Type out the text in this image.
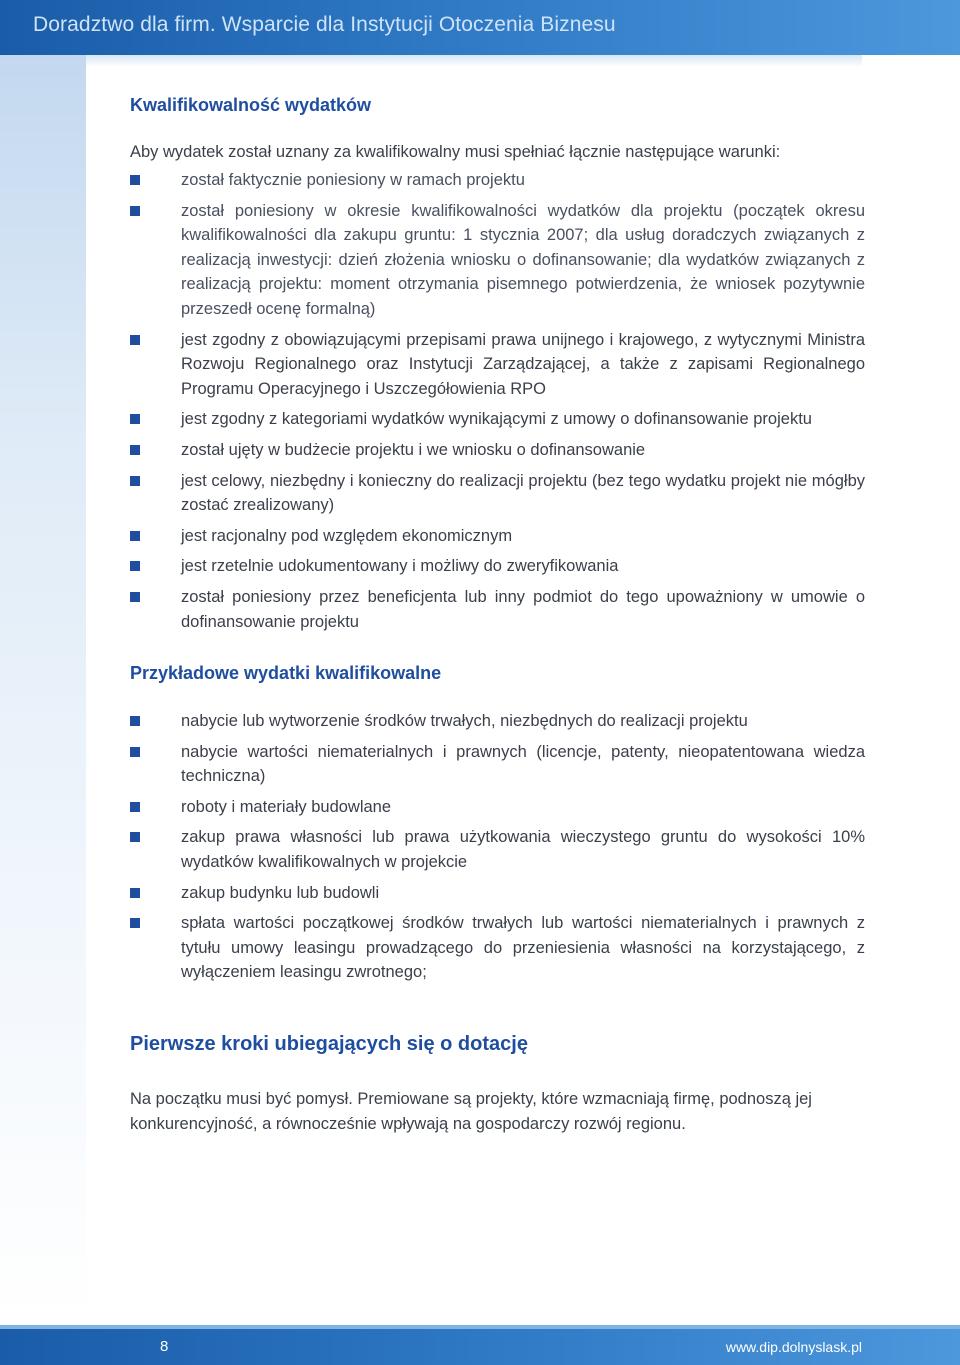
Doradztwo dla firm. Wsparcie dla Instytucji Otoczenia Biznesu
Kwalifikowalność wydatków

Aby wydatek został uznany za kwalifikowalny musi spełniać łącznie następujące warunki:

został faktycznie poniesiony w ramach projektu
został poniesiony w okresie kwalifikowalności wydatków dla projektu (początek okresu kwalifikowalności dla zakupu gruntu: 1 stycznia 2007; dla usług doradczych związanych z realizacją inwestycji: dzień złożenia wniosku o dofinansowanie; dla wydatków związanych z realizacją projektu: moment otrzymania pisemnego potwierdzenia, że wniosek pozytywnie przeszedł ocenę formalną)
jest zgodny z obowiązującymi przepisami prawa unijnego i krajowego, z wytycznymi Ministra Rozwoju Regionalnego oraz Instytucji Zarządzającej, a także z zapisami Regionalnego Programu Operacyjnego i Uszczegółowienia RPO
jest zgodny z kategoriami wydatków wynikającymi z umowy o dofinansowanie projektu
został ujęty w budżecie projektu i we wniosku o dofinansowanie
jest celowy, niezbędny i konieczny do realizacji projektu (bez tego wydatku projekt nie mógłby zostać zrealizowany)
jest racjonalny pod względem ekonomicznym
jest rzetelnie udokumentowany i możliwy do zweryfikowania
został poniesiony przez beneficjenta lub inny podmiot do tego upoważniony w umowie o dofinansowanie projektu
Przykładowe wydatki kwalifikowalne
nabycie lub wytworzenie środków trwałych, niezbędnych do realizacji projektu
nabycie wartości niematerialnych i prawnych (licencje, patenty, nieopatentowana wiedza techniczna)
roboty i materiały budowlane
zakup prawa własności lub prawa użytkowania wieczystego gruntu do wysokości 10% wydatków kwalifikowalnych w projekcie
zakup budynku lub budowli
spłata wartości początkowej środków trwałych lub wartości niematerialnych i prawnych z tytułu umowy leasingu prowadzącego do przeniesienia własności na korzystającego, z wyłączeniem leasingu zwrotnego;
Pierwsze kroki ubiegających się o dotację

Na początku musi być pomysł. Premiowane są projekty, które wzmacniają firmę, podnoszą jej konkurencyjność, a równocześnie wpływają na gospodarczy rozwój regionu.

8	www.dip.dolnyslask.pl
